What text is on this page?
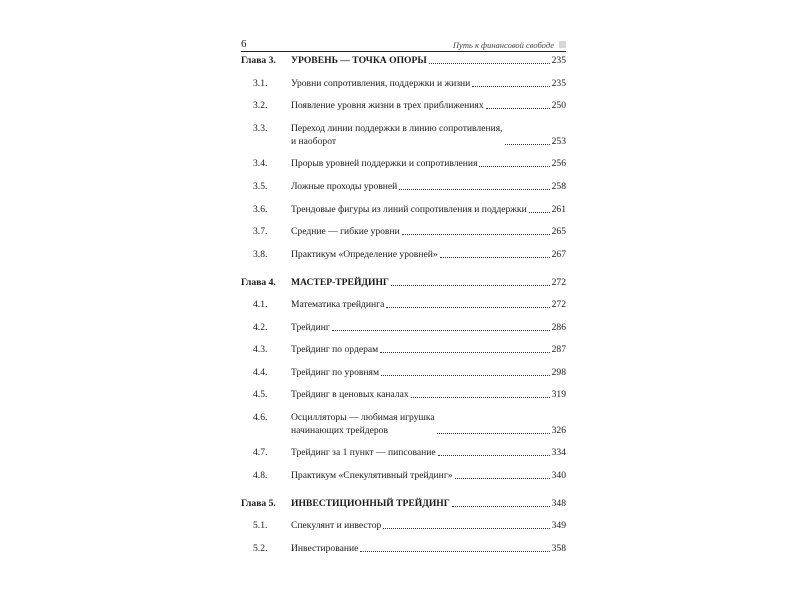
6	Путь к финансовой свободе
Глава 3.	УРОВЕНЬ — ТОЧКА ОПОРЫ	235
3.1.	Уровни сопротивления, поддержки и жизни	235
3.2.	Появление уровня жизни в трех приближениях	250
3.3.	Переход линии поддержки в линию сопротивления,
и наоборот	253
3.4.	Прорыв уровней поддержки и сопротивления	256
3.5.	Ложные проходы уровней	258
3.6.	Трендовые фигуры из линий сопротивления и поддержки	261
3.7.	Средние — гибкие уровни	265
3.8.	Практикум «Определение уровней»	267
Глава 4.	МАСТЕР-ТРЕЙДИНГ	272
4.1.	Математика трейдинга	272
4.2.	Трейдинг	286
4.3.	Трейдинг по ордерам	287
4.4.	Трейдинг по уровням	298
4.5.	Трейдинг в ценовых каналах	319
4.6.	Осцилляторы — любимая игрушка
начинающих трейдеров	326
4.7.	Трейдинг за 1 пункт — пипсование	334
4.8.	Практикум «Спекулятивный трейдинг»	340
Глава 5.	ИНВЕСТИЦИОННЫЙ ТРЕЙДИНГ	348
5.1.	Спекулянт и инвестор	349
5.2.	Инвестирование	358
